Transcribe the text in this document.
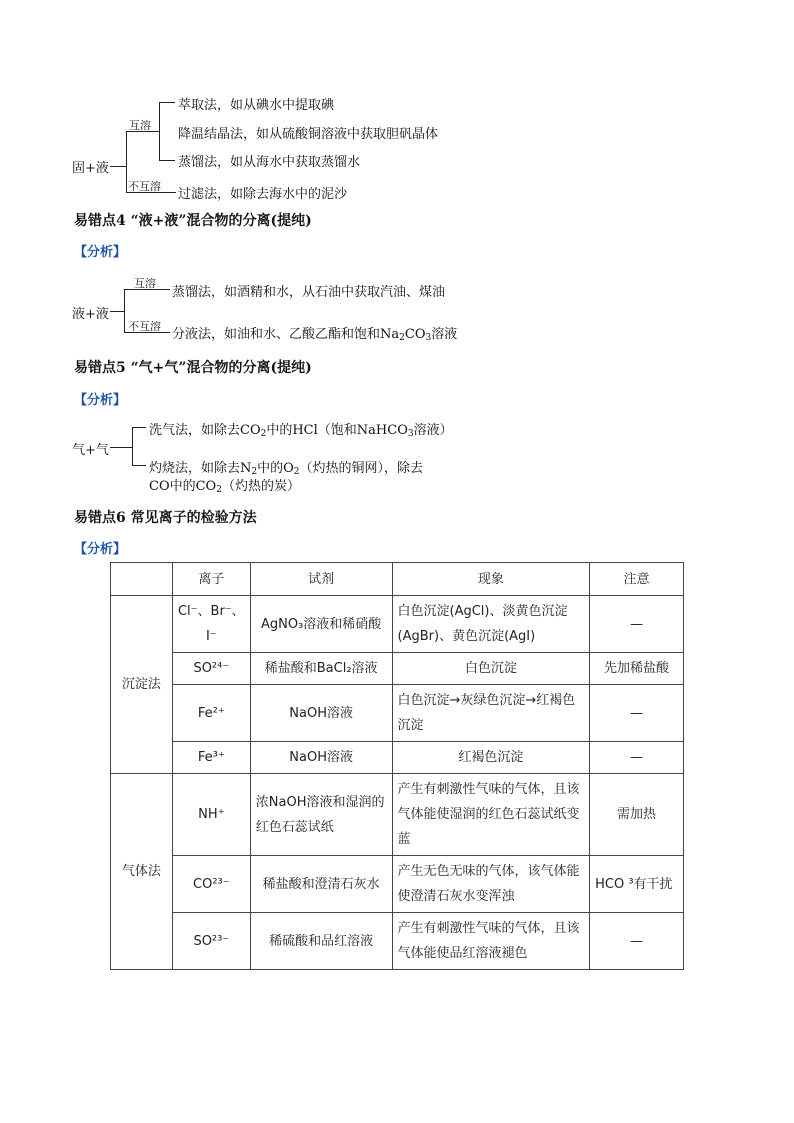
固+液
互溶
不互溶
萃取法，如从碘水中提取碘
降温结晶法，如从硫酸铜溶液中获取胆矾晶体
蒸馏法，如从海水中获取蒸馏水
过滤法，如除去海水中的泥沙
易错点4 “液+液”混合物的分离(提纯)
【分析】
液+液
互溶
不互溶
蒸馏法，如酒精和水，从石油中获取汽油、煤油
分液法，如油和水、乙酸乙酯和饱和$Na_2CO_3$溶液
易错点5 “气+气”混合物的分离(提纯)
【分析】
气+气
洗气法，如除去$CO_2$中的HCl（饱和NaHCO$_3$溶液）
灼烧法，如除去$N_2$中的$O_2$（灼热的铜网），除去
CO中的$CO_2$（灼热的炭）
易错点6 常见离子的检验方法
【分析】
	离子	试剂	现象	注意
沉淀法	Cl⁻、Br⁻、I⁻	AgNO₃溶液和稀硝酸	白色沉淀(AgCl)、淡黄色沉淀(AgBr)、黄色沉淀(AgI)	—
	SO²⁴⁻	稀盐酸和BaCl₂溶液	白色沉淀	先加稀盐酸
	Fe²⁺	NaOH溶液	白色沉淀→灰绿色沉淀→红褐色沉淀	—
	Fe³⁺	NaOH溶液	红褐色沉淀	—
气体法	NH⁺	浓NaOH溶液和湿润的红色石蕊试纸	产生有刺激性气味的气体，且该气体能使湿润的红色石蕊试纸变蓝	需加热
	CO²³⁻	稀盐酸和澄清石灰水	产生无色无味的气体，该气体能使澄清石灰水变浑浊	HCO ³有干扰
	SO²³⁻	稀硫酸和品红溶液	产生有刺激性气味的气体，且该气体能使品红溶液褪色	—
